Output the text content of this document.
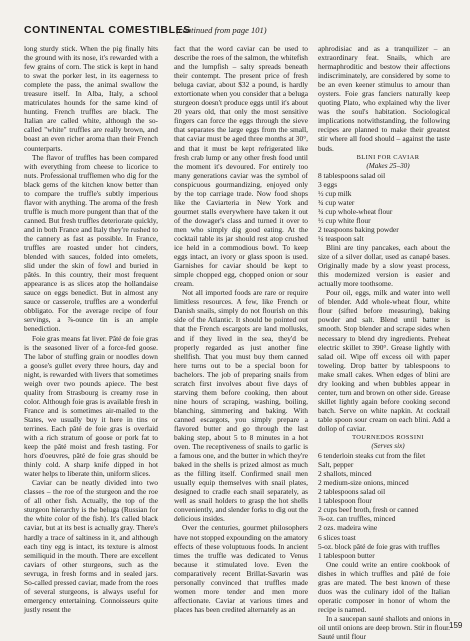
CONTINENTAL COMESTIBLES
(continued from page 101)

long sturdy stick. When the pig finally hits the ground with its nose, it's rewarded with a few grains of corn. The stick is kept in hand to swat the porker lest, in its eagerness to complete the pass, the animal swallow the treasure itself. In Alba, Italy, a school matriculates hounds for the same kind of hunting. French truffles are black. The Italian are called white, although the so-called "white" truffles are really brown, and boast an even richer aroma than their French counterparts.

The flavor of truffles has been compared with everything from cheese to licorice to nuts. Professional trufflemen who dig for the black gems of the kitchen know better than to compare the truffle's subtly imperious flavor with anything. The aroma of the fresh truffle is much more pungent than that of the canned. But fresh truffles deteriorate quickly, and in both France and Italy they're rushed to the cannery as fast as possible. In France, truffles are roasted under hot cinders, blended with sauces, folded into omelets, slid under the skin of fowl and buried in pâtés. In this country, their most frequent appearance is as slices atop the hollandaise sauce on eggs benedict. But in almost any sauce or casserole, truffles are a wonderful obbligato. For the average recipe of four servings, a ⅞-ounce tin is an ample benediction.

Foie gras means fat liver. Pâté de foie gras is the seasoned liver of a force-fed goose. The labor of stuffing grain or noodles down a goose's gullet every three hours, day and night, is rewarded with livers that sometimes weigh over two pounds apiece. The best quality from Strasbourg is creamy rose in color. Although foie gras is available fresh in France and is sometimes air-mailed to the States, we usually buy it here in tins or terrines. Each pâté de foie gras is overlaid with a rich stratum of goose or pork fat to keep the pâté moist and fresh tasting. For hors d'oeuvres, pâté de foie gras should be thinly cold. A sharp knife dipped in hot water helps to liberate thin, uniform slices.

Caviar can be neatly divided into two classes – the roe of the sturgeon and the roe of all other fish. Actually, the top of the sturgeon hierarchy is the beluga (Russian for the white color of the fish). It's called black caviar, but at its best is actually gray. There's hardly a trace of saltiness in it, and although each tiny egg is intact, its texture is almost semiliquid in the mouth. There are excellent caviars of other sturgeons, such as the sevruga, in fresh forms and in sealed jars. So-called pressed caviar, made from the roes of several sturgeons, is always useful for emergency entertaining. Connoisseurs quite justly resent the

fact that the word caviar can be used to describe the roes of the salmon, the whitefish and the lumpfish – salty spreads beneath their contempt. The present price of fresh beluga caviar, about $32 a pound, is hardly extortionate when you consider that a beluga sturgeon doesn't produce eggs until it's about 20 years old, that only the most sensitive fingers can force the eggs through the sieve that separates the large eggs from the small, that caviar must be aged three months at 30°, and that it must be kept refrigerated like fresh crab lump or any other fresh food until the moment it's devoured. For entirely too many generations caviar was the symbol of conspicuous gourmandizing, enjoyed only by the top carriage trade. Now food shops like the Caviarteria in New York and gourmet stalls everywhere have taken it out of the dowager's class and turned it over to men who simply dig good eating. At the cocktail table its jar should rest atop crushed ice held in a commodious bowl. To keep eggs intact, an ivory or glass spoon is used. Garnishes for caviar should be kept to simple chopped egg, chopped onion or sour cream.

Not all imported foods are rare or require limitless resources. A few, like French or Danish snails, simply do not flourish on this side of the Atlantic. It should be pointed out that the French escargots are land mollusks, and if they lived in the sea, they'd be properly regarded as just another fine shellfish. That you must buy them canned here turns out to be a special boon for bachelors. The job of preparing snails from scratch first involves about five days of starving them before cooking, then about nine hours of scraping, washing, boiling, blanching, simmering and baking. With canned escargots, you simply prepare a flavored butter and go through the last baking step, about 5 to 8 minutes in a hot oven. The receptiveness of snails to garlic is a famous one, and the butter in which they're baked in the shells is prized almost as much as the filling itself. Confirmed snail men usually equip themselves with snail plates, designed to cradle each snail separately, as well as snail holders to grasp the hot shells conveniently, and slender forks to dig out the delicious insides.

Over the centuries, gourmet philosophers have not stopped expounding on the amatory effects of these voluptuous foods. In ancient times the truffle was dedicated to Venus because it stimulated love. Even the comparatively recent Brillat-Savarin was personally convinced that truffles made women more tender and men more affectionate. Caviar at various times and places has been credited alternately as an

aphrodisiac and as a tranquilizer – an extraordinary feat. Snails, which are hermaphroditic and bestow their affections indiscriminately, are considered by some to be an even keener stimulus to amour than oysters. Foie gras fanciers naturally keep quoting Plato, who explained why the liver was the soul's habitation. Sociological implications notwithstanding, the following recipes are planned to make their greatest stir where all food should – against the taste buds.

BLINI FOR CAVIAR

(Makes 25–30)

8 tablespoons salad oil
3 eggs
½ cup milk
¾ cup water
¾ cup whole-wheat flour
½ cup white flour
2 teaspoons baking powder
¼ teaspoon salt

Blini are tiny pancakes, each about the size of a silver dollar, used as canapé bases. Originally made by a slow yeast process, this modernized version is easier and actually more toothsome.

Pour oil, eggs, milk and water into well of blender. Add whole-wheat flour, white flour (sifted before measuring), baking powder and salt. Blend until batter is smooth. Stop blender and scrape sides when necessary to blend dry ingredients. Preheat electric skillet to 390°. Grease lightly with salad oil. Wipe off excess oil with paper toweling. Drop batter by tablespoons to make small cakes. When edges of blini are dry looking and when bubbles appear in center, turn and brown on other side. Grease skillet lightly again before cooking second batch. Serve on white napkin. At cocktail table spoon sour cream on each blini. Add a dollop of caviar.

TOURNEDOS ROSSINI

(Serves six)

6 tenderloin steaks cut from the filet
Salt, pepper
2 shallots, minced
2 medium-size onions, minced
2 tablespoons salad oil
1 tablespoon flour
2 cups beef broth, fresh or canned
⅞-oz. can truffles, minced
2 ozs. madeira wine
6 slices toast
5-oz. block pâté de foie gras with truffles
1 tablespoon butter

One could write an entire cookbook of dishes in which truffles and pâté de foie gras are mated. The best known of these duos was the culinary idol of the Italian operatic composer in honor of whom the recipe is named.

In a saucepan sauté shallots and onions in oil until onions are deep brown. Stir in flour. Sauté until flour

159
